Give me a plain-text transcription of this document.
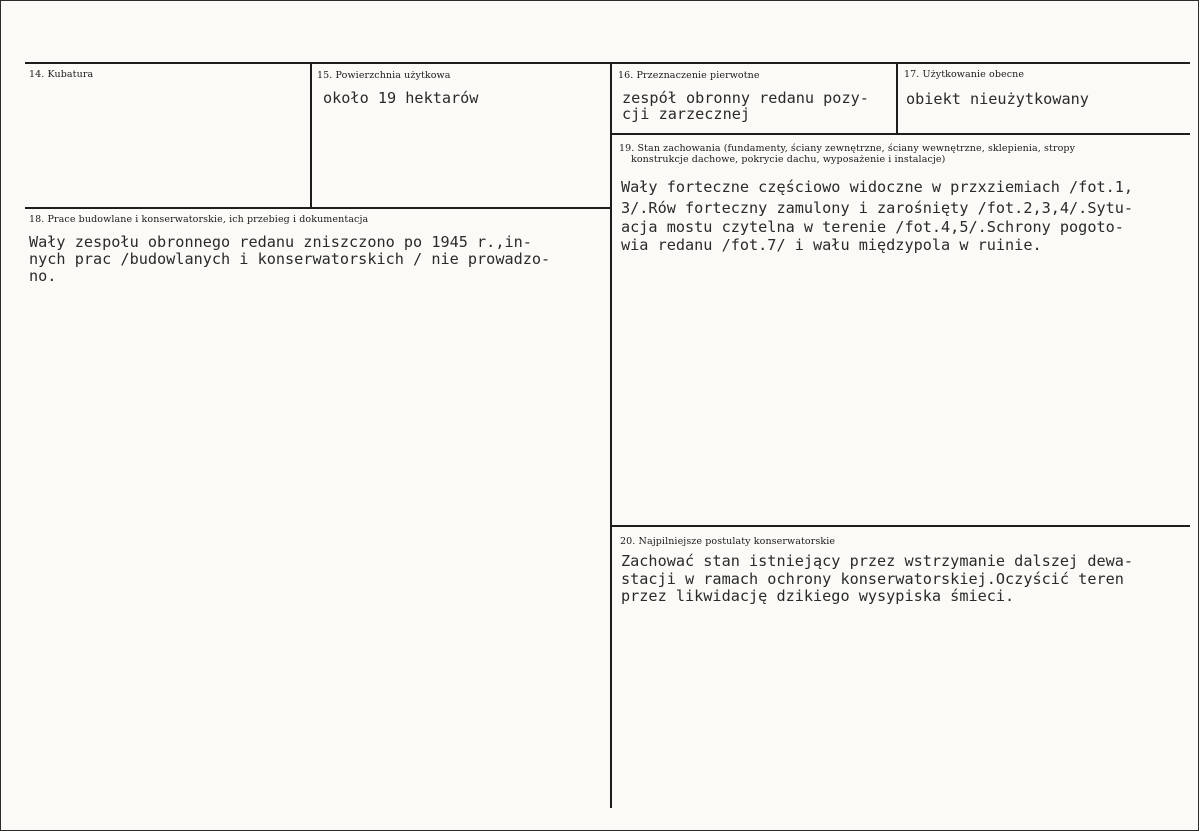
14. Kubatura	15. Powierzchnia użytkowa
około 19 hektarów
16. Przeznaczenie pierwotne
zespół obronny redanu pozy-
cji zarzecznej
17. Użytkowanie obecne
obiekt nieużytkowany
19. Stan zachowania (fundamenty, ściany zewnętrzne, ściany wewnętrzne, sklepienia, stropy
konstrukcje dachowe, pokrycie dachu, wyposażenie i instalacje)
Wały forteczne częściowo widoczne w przxziemiach /fot.1,
3/.Rów forteczny zamulony i zarośnięty /fot.2,3,4/.Sytu-
acja mostu czytelna w terenie /fot.4,5/.Schrony pogoto-
wia redanu /fot.7/ i wału międzypola w ruinie.
18. Prace budowlane i konserwatorskie, ich przebieg i dokumentacja
Wały zespołu obronnego redanu zniszczono po 1945 r.,in-
nych prac /budowlanych i konserwatorskich / nie prowadzo-
no.
20. Najpilniejsze postulaty konserwatorskie
Zachować stan istniejący przez wstrzymanie dalszej dewa-
stacji w ramach ochrony konserwatorskiej.Oczyścić teren
przez likwidację dzikiego wysypiska śmieci.
